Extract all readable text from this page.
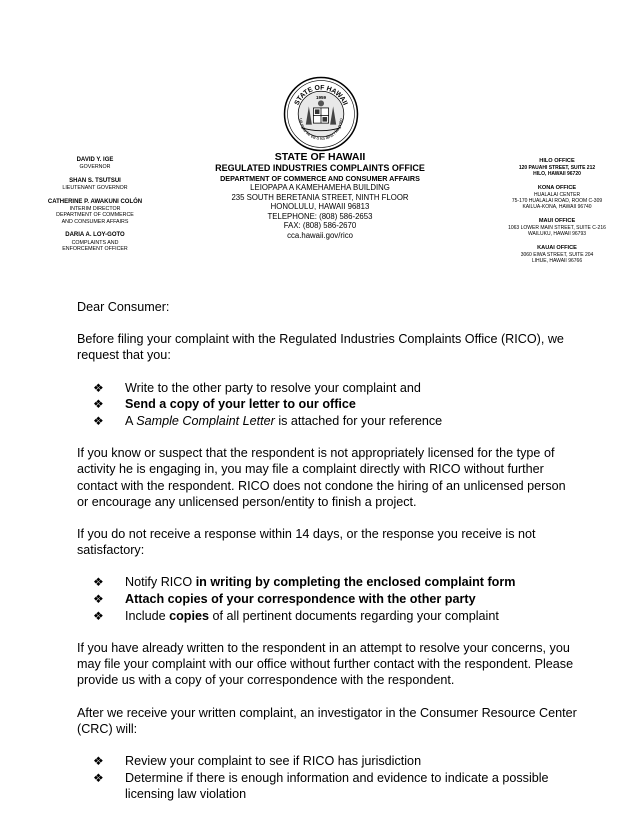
STATE OF HAWAII
ua mau ke ea o ka aina i ka pono
1959
STATE OF HAWAII
REGULATED INDUSTRIES COMPLAINTS OFFICE
DEPARTMENT OF COMMERCE AND CONSUMER AFFAIRS
LEIOPAPA A KAMEHAMEHA BUILDING
235 SOUTH BERETANIA STREET, NINTH FLOOR
HONOLULU, HAWAII 96813
TELEPHONE: (808) 586-2653
FAX: (808) 586-2670
cca.hawaii.gov/rico
DAVID Y. IGE
GOVERNOR
SHAN S. TSUTSUI
LIEUTENANT GOVERNOR
CATHERINE P. AWAKUNI COLÓN
INTERIM DIRECTOR
DEPARTMENT OF COMMERCE
AND CONSUMER AFFAIRS
DARIA A. LOY-GOTO
COMPLAINTS AND
ENFORCEMENT OFFICER
HILO OFFICE
120 PAUAHI STREET, SUITE 212
HILO, HAWAII 96720
KONA OFFICE
HUALALAI CENTER
75-170 HUALALAI ROAD, ROOM C-309
KAILUA-KONA, HAWAII 96740
MAUI OFFICE
1063 LOWER MAIN STREET, SUITE C-216
WAILUKU, HAWAII 96793
KAUAI OFFICE
3060 EIWA STREET, SUITE 204
LIHUE, HAWAII 96766

Dear Consumer:

Before filing your complaint with the Regulated Industries Complaints Office (RICO), we request that you:

❖ Write to the other party to resolve your complaint and
❖ Send a copy of your letter to our office
❖ A Sample Complaint Letter is attached for your reference

If you know or suspect that the respondent is not appropriately licensed for the type of activity he is engaging in, you may file a complaint directly with RICO without further contact with the respondent. RICO does not condone the hiring of an unlicensed person or encourage any unlicensed person/entity to finish a project.

If you do not receive a response within 14 days, or the response you receive is not satisfactory:

❖ Notify RICO in writing by completing the enclosed complaint form
❖ Attach copies of your correspondence with the other party
❖ Include copies of all pertinent documents regarding your complaint

If you have already written to the respondent in an attempt to resolve your concerns, you may file your complaint with our office without further contact with the respondent. Please provide us with a copy of your correspondence with the respondent.

After we receive your written complaint, an investigator in the Consumer Resource Center (CRC) will:

❖ Review your complaint to see if RICO has jurisdiction
❖ Determine if there is enough information and evidence to indicate a possible licensing law violation
